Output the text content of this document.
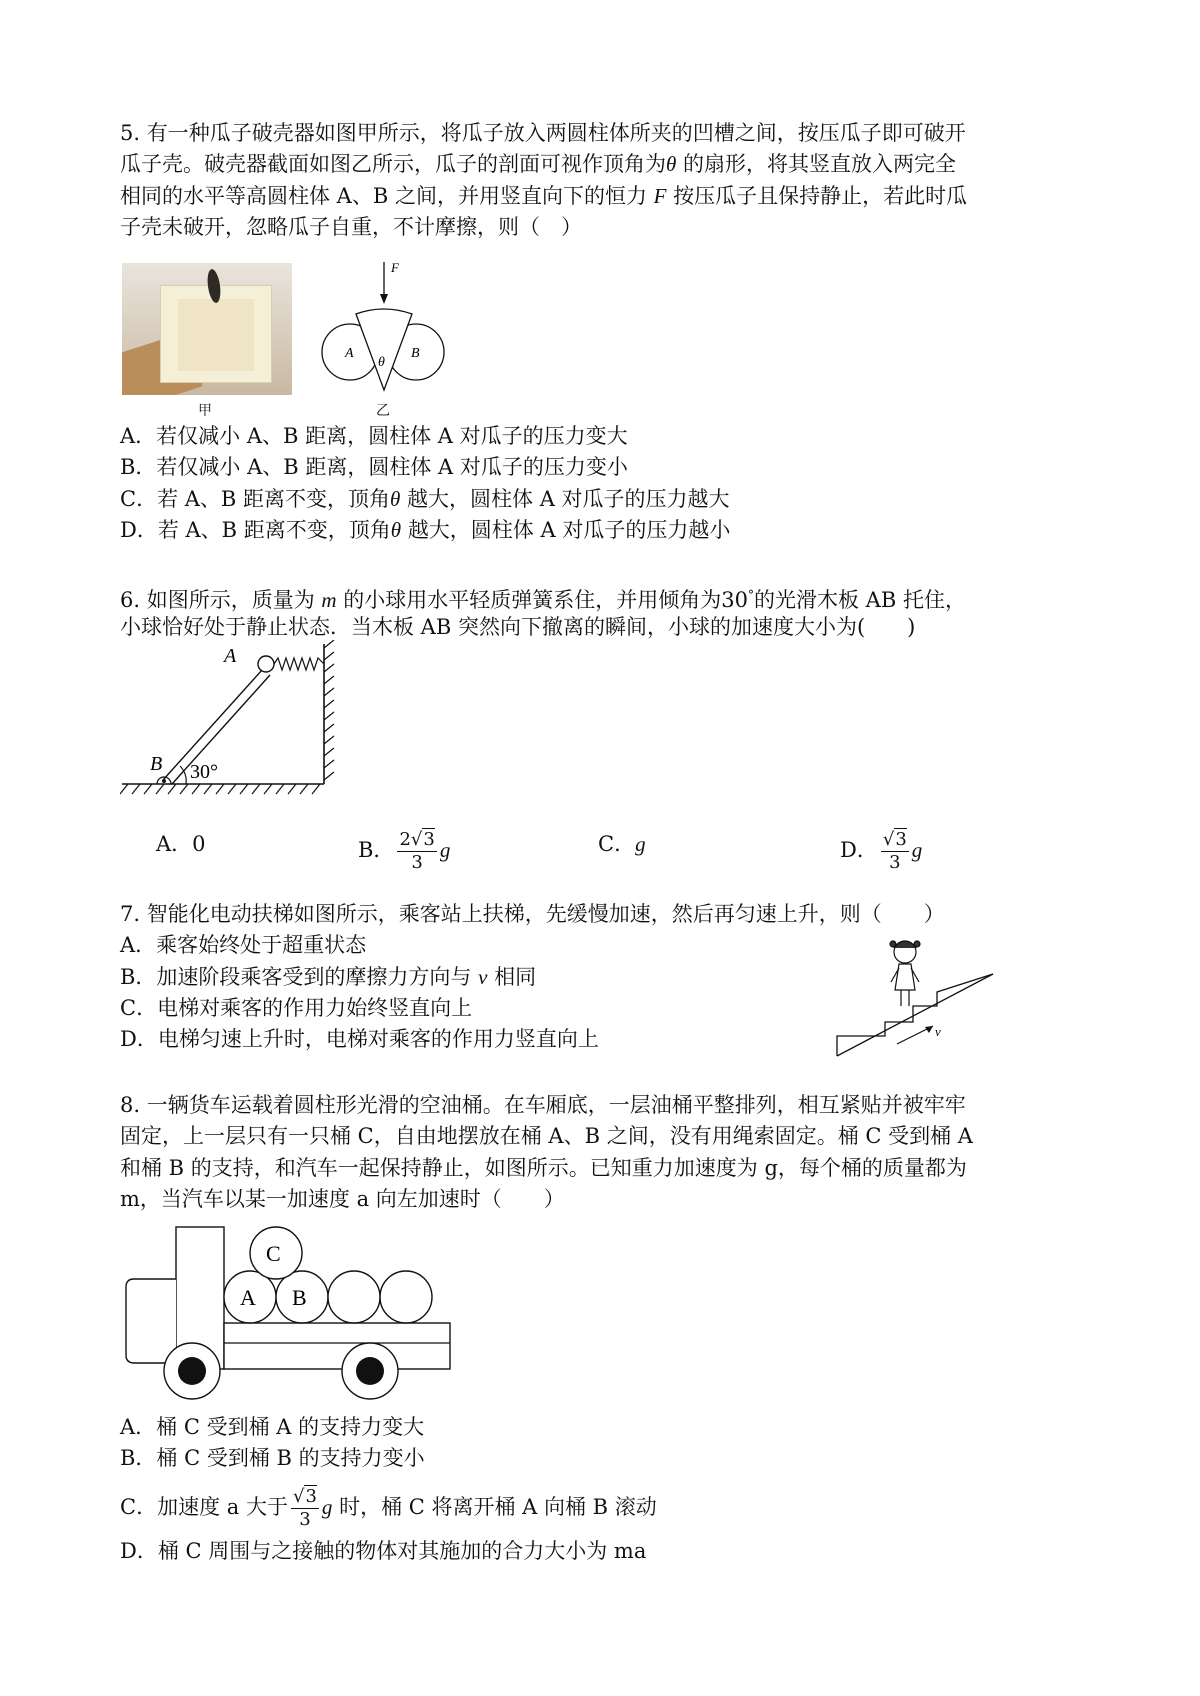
5. 有一种瓜子破壳器如图甲所示，将瓜子放入两圆柱体所夹的凹槽之间，按压瓜子即可破开
瓜子壳。破壳器截面如图乙所示，瓜子的剖面可视作顶角为θ 的扇形，将其竖直放入两完全
相同的水平等高圆柱体 A、B 之间，并用竖直向下的恒力 F 按压瓜子且保持静止，若此时瓜
子壳未破开，忽略瓜子自重，不计摩擦，则（　）
甲
F
A	B
θ
乙
A．若仅减小 A、B 距离，圆柱体 A 对瓜子的压力变大
B．若仅减小 A、B 距离，圆柱体 A 对瓜子的压力变小
C．若 A、B 距离不变，顶角θ 越大，圆柱体 A 对瓜子的压力越大
D．若 A、B 距离不变，顶角θ 越大，圆柱体 A 对瓜子的压力越小
6. 如图所示，质量为 m 的小球用水平轻质弹簧系住，并用倾角为30°的光滑木板 AB 托住，
小球恰好处于静止状态．当木板 AB 突然向下撤离的瞬间，小球的加速度大小为(　　)
A
B 30°
A．0	B． $\frac{2√3}{3}$ g	C．g	D． $\frac{√3}{3}$ g
7. 智能化电动扶梯如图所示，乘客站上扶梯，先缓慢加速，然后再匀速上升，则（　　）
A．乘客始终处于超重状态
B．加速阶段乘客受到的摩擦力方向与 v 相同
C．电梯对乘客的作用力始终竖直向上
D．电梯匀速上升时，电梯对乘客的作用力竖直向上	v
8. 一辆货车运载着圆柱形光滑的空油桶。在车厢底，一层油桶平整排列，相互紧贴并被牢牢
固定，上一层只有一只桶 C，自由地摆放在桶 A、B 之间，没有用绳索固定。桶 C 受到桶 A
和桶 B 的支持，和汽车一起保持静止，如图所示。已知重力加速度为 g，每个桶的质量都为
m，当汽车以某一加速度 a 向左加速时（　　）
A B
C
A．桶 C 受到桶 A 的支持力变大
B．桶 C 受到桶 B 的支持力变小
C．加速度 a 大于 $\frac{√3}{3}$ g 时，桶 C 将离开桶 A 向桶 B 滚动
D．桶 C 周围与之接触的物体对其施加的合力大小为 ma
